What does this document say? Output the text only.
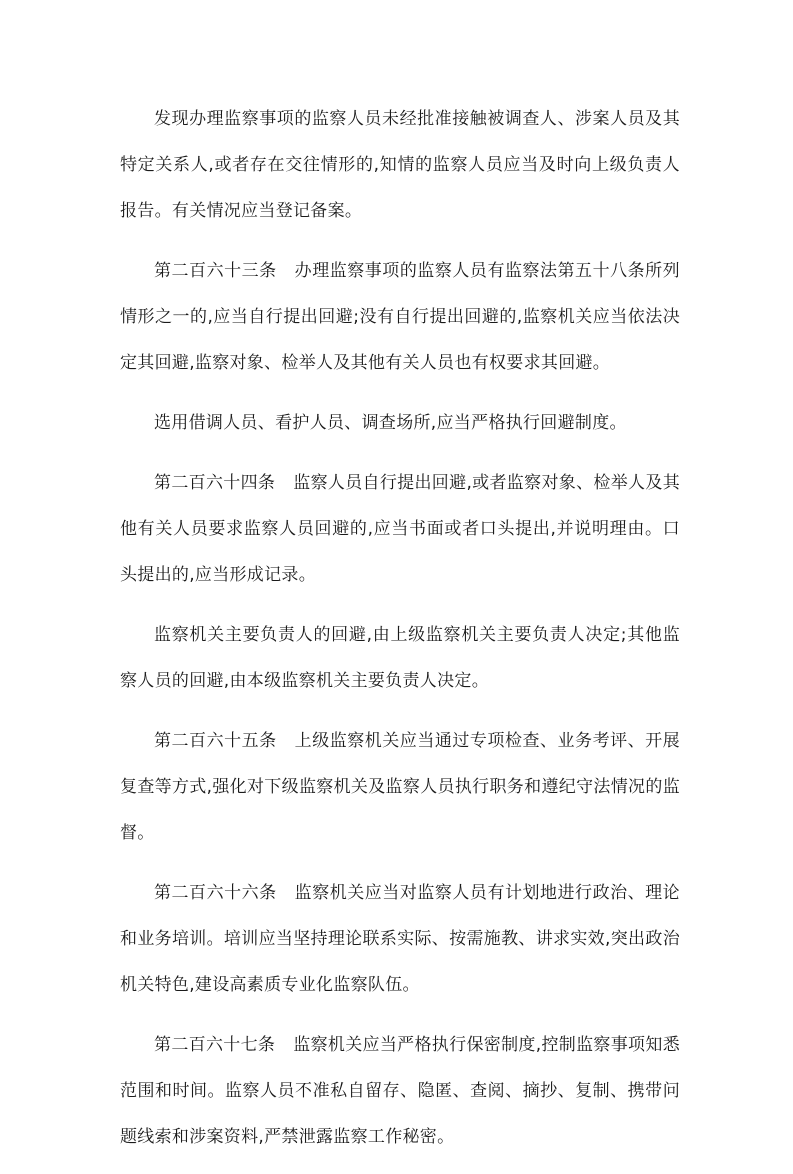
发现办理监察事项的监察人员未经批准接触被调查人、涉案人员及其特定关系人,或者存在交往情形的,知情的监察人员应当及时向上级负责人报告。有关情况应当登记备案。

第二百六十三条 办理监察事项的监察人员有监察法第五十八条所列情形之一的,应当自行提出回避;没有自行提出回避的,监察机关应当依法决定其回避,监察对象、检举人及其他有关人员也有权要求其回避。

选用借调人员、看护人员、调查场所,应当严格执行回避制度。

第二百六十四条 监察人员自行提出回避,或者监察对象、检举人及其他有关人员要求监察人员回避的,应当书面或者口头提出,并说明理由。口头提出的,应当形成记录。

监察机关主要负责人的回避,由上级监察机关主要负责人决定;其他监察人员的回避,由本级监察机关主要负责人决定。

第二百六十五条 上级监察机关应当通过专项检查、业务考评、开展复查等方式,强化对下级监察机关及监察人员执行职务和遵纪守法情况的监督。

第二百六十六条 监察机关应当对监察人员有计划地进行政治、理论和业务培训。培训应当坚持理论联系实际、按需施教、讲求实效,突出政治机关特色,建设高素质专业化监察队伍。

第二百六十七条 监察机关应当严格执行保密制度,控制监察事项知悉范围和时间。监察人员不准私自留存、隐匿、查阅、摘抄、复制、携带问题线索和涉案资料,严禁泄露监察工作秘密。
